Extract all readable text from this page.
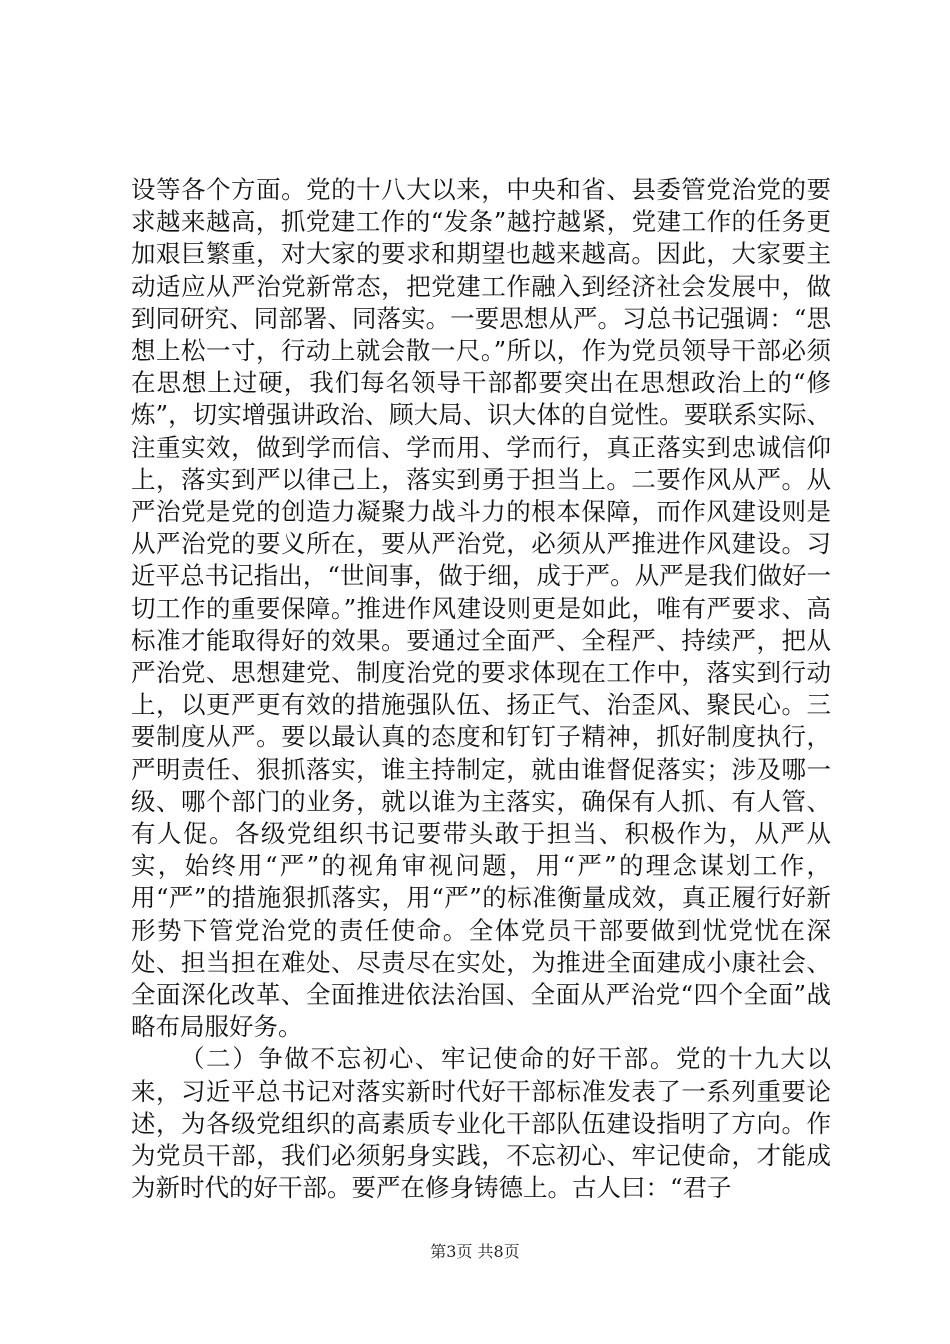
设等各个方面。党的十八大以来，中央和省、县委管党治党的要求越来越高，抓党建工作的“发条”越拧越紧，党建工作的任务更加艰巨繁重，对大家的要求和期望也越来越高。因此，大家要主动适应从严治党新常态，把党建工作融入到经济社会发展中，做到同研究、同部署、同落实。一要思想从严。习总书记强调：“思想上松一寸，行动上就会散一尺。”所以，作为党员领导干部必须在思想上过硬，我们每名领导干部都要突出在思想政治上的“修炼”，切实增强讲政治、顾大局、识大体的自觉性。要联系实际、注重实效，做到学而信、学而用、学而行，真正落实到忠诚信仰上，落实到严以律己上，落实到勇于担当上。二要作风从严。从严治党是党的创造力凝聚力战斗力的根本保障，而作风建设则是从严治党的要义所在，要从严治党，必须从严推进作风建设。习近平总书记指出，“世间事，做于细，成于严。从严是我们做好一切工作的重要保障。”推进作风建设则更是如此，唯有严要求、高标准才能取得好的效果。要通过全面严、全程严、持续严，把从严治党、思想建党、制度治党的要求体现在工作中，落实到行动上，以更严更有效的措施强队伍、扬正气、治歪风、聚民心。三要制度从严。要以最认真的态度和钉钉子精神，抓好制度执行，严明责任、狠抓落实，谁主持制定，就由谁督促落实；涉及哪一级、哪个部门的业务，就以谁为主落实，确保有人抓、有人管、有人促。各级党组织书记要带头敢于担当、积极作为，从严从实，始终用“严”的视角审视问题，用“严”的理念谋划工作，用“严”的措施狠抓落实，用“严”的标准衡量成效，真正履行好新形势下管党治党的责任使命。全体党员干部要做到忧党忧在深处、担当担在难处、尽责尽在实处，为推进全面建成小康社会、全面深化改革、全面推进依法治国、全面从严治党“四个全面”战略布局服好务。

（二）争做不忘初心、牢记使命的好干部。党的十九大以来，习近平总书记对落实新时代好干部标准发表了一系列重要论述，为各级党组织的高素质专业化干部队伍建设指明了方向。作为党员干部，我们必须躬身实践，不忘初心、牢记使命，才能成为新时代的好干部。要严在修身铸德上。古人曰：“君子

第3页 共8页
